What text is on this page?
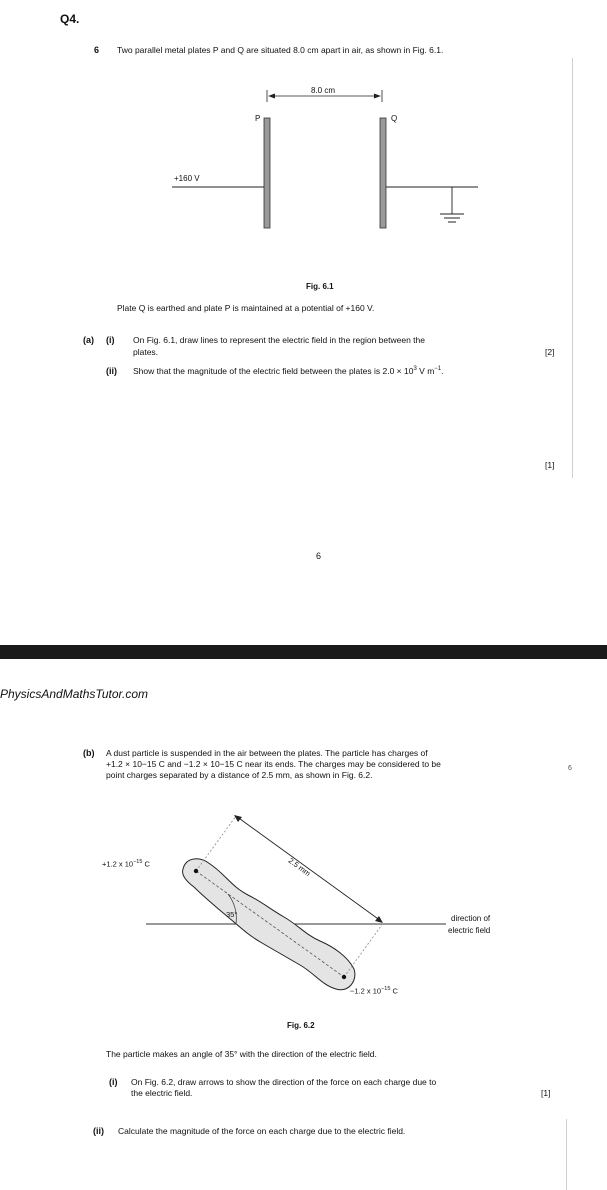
Q4.
6 Two parallel metal plates P and Q are situated 8.0 cm apart in air, as shown in Fig. 6.1.
8.0 cm
P	Q
+160 V
Fig. 6.1
Plate Q is earthed and plate P is maintained at a potential of +160 V.
(a) (i) On Fig. 6.1, draw lines to represent the electric field in the region between the
plates.	[2]
(ii) Show that the magnitude of the electric field between the plates is $2.0 \times 10^3$ V $m^{-1}$.
[1]
6
PhysicsAndMathsTutor.com
6
(b) A dust particle is suspended in the air between the plates. The particle has charges of
+1.2 × 10−15 C and −1.2 × 10−15 C near its ends. The charges may be considered to be
point charges separated by a distance of 2.5 mm, as shown in Fig. 6.2.
+1.2 x $10^{-15}$ C
−1.2 x $10^{-15}$ C
2.5 mm
35°	direction of
electric field
Fig. 6.2
The particle makes an angle of 35° with the direction of the electric field.
(i) On Fig. 6.2, draw arrows to show the direction of the force on each charge due to
the electric field.	[1]
(ii) Calculate the magnitude of the force on each charge due to the electric field.
